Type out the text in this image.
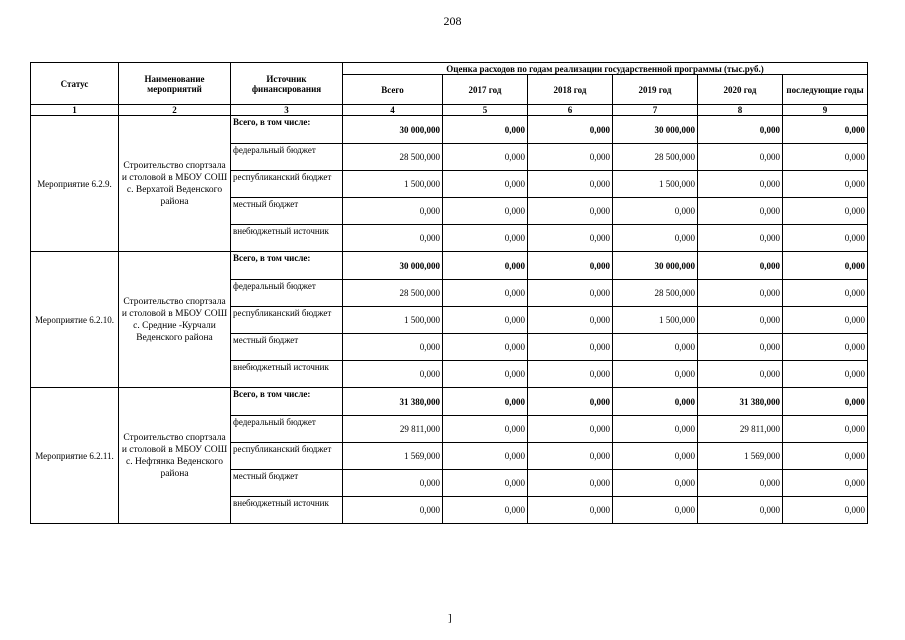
208
Статус	Наименование мероприятий	Источник финансирования	Оценка расходов по годам реализации государственной программы (тыс.руб.)					
			Всего	2017 год	2018 год	2019 год	2020 год	последующие годы
1	2	3	4	5	6	7	8	9
Мероприятие 6.2.9.	Строительство спортзала и столовой в МБОУ СОШ с. Верхатой Веденского района	Всего, в том числе:	30 000,000	0,000	0,000	30 000,000	0,000	0,000
		федеральный бюджет	28 500,000	0,000	0,000	28 500,000	0,000	0,000
		республиканский бюджет	1 500,000	0,000	0,000	1 500,000	0,000	0,000
		местный бюджет	0,000	0,000	0,000	0,000	0,000	0,000
		внебюджетный источник	0,000	0,000	0,000	0,000	0,000	0,000
Мероприятие 6.2.10.	Строительство спортзала и столовой в МБОУ СОШ с. Средние -Курчали Веденского района	Всего, в том числе:	30 000,000	0,000	0,000	30 000,000	0,000	0,000
		федеральный бюджет	28 500,000	0,000	0,000	28 500,000	0,000	0,000
		республиканский бюджет	1 500,000	0,000	0,000	1 500,000	0,000	0,000
		местный бюджет	0,000	0,000	0,000	0,000	0,000	0,000
		внебюджетный источник	0,000	0,000	0,000	0,000	0,000	0,000
Мероприятие 6.2.11.	Строительство спортзала и столовой в МБОУ СОШ с. Нефтянка Веденского района	Всего, в том числе:	31 380,000	0,000	0,000	0,000	31 380,000	0,000
		федеральный бюджет	29 811,000	0,000	0,000	0,000	29 811,000	0,000
		республиканский бюджет	1 569,000	0,000	0,000	0,000	1 569,000	0,000
		местный бюджет	0,000	0,000	0,000	0,000	0,000	0,000
		внебюджетный источник	0,000	0,000	0,000	0,000	0,000	0,000
]
